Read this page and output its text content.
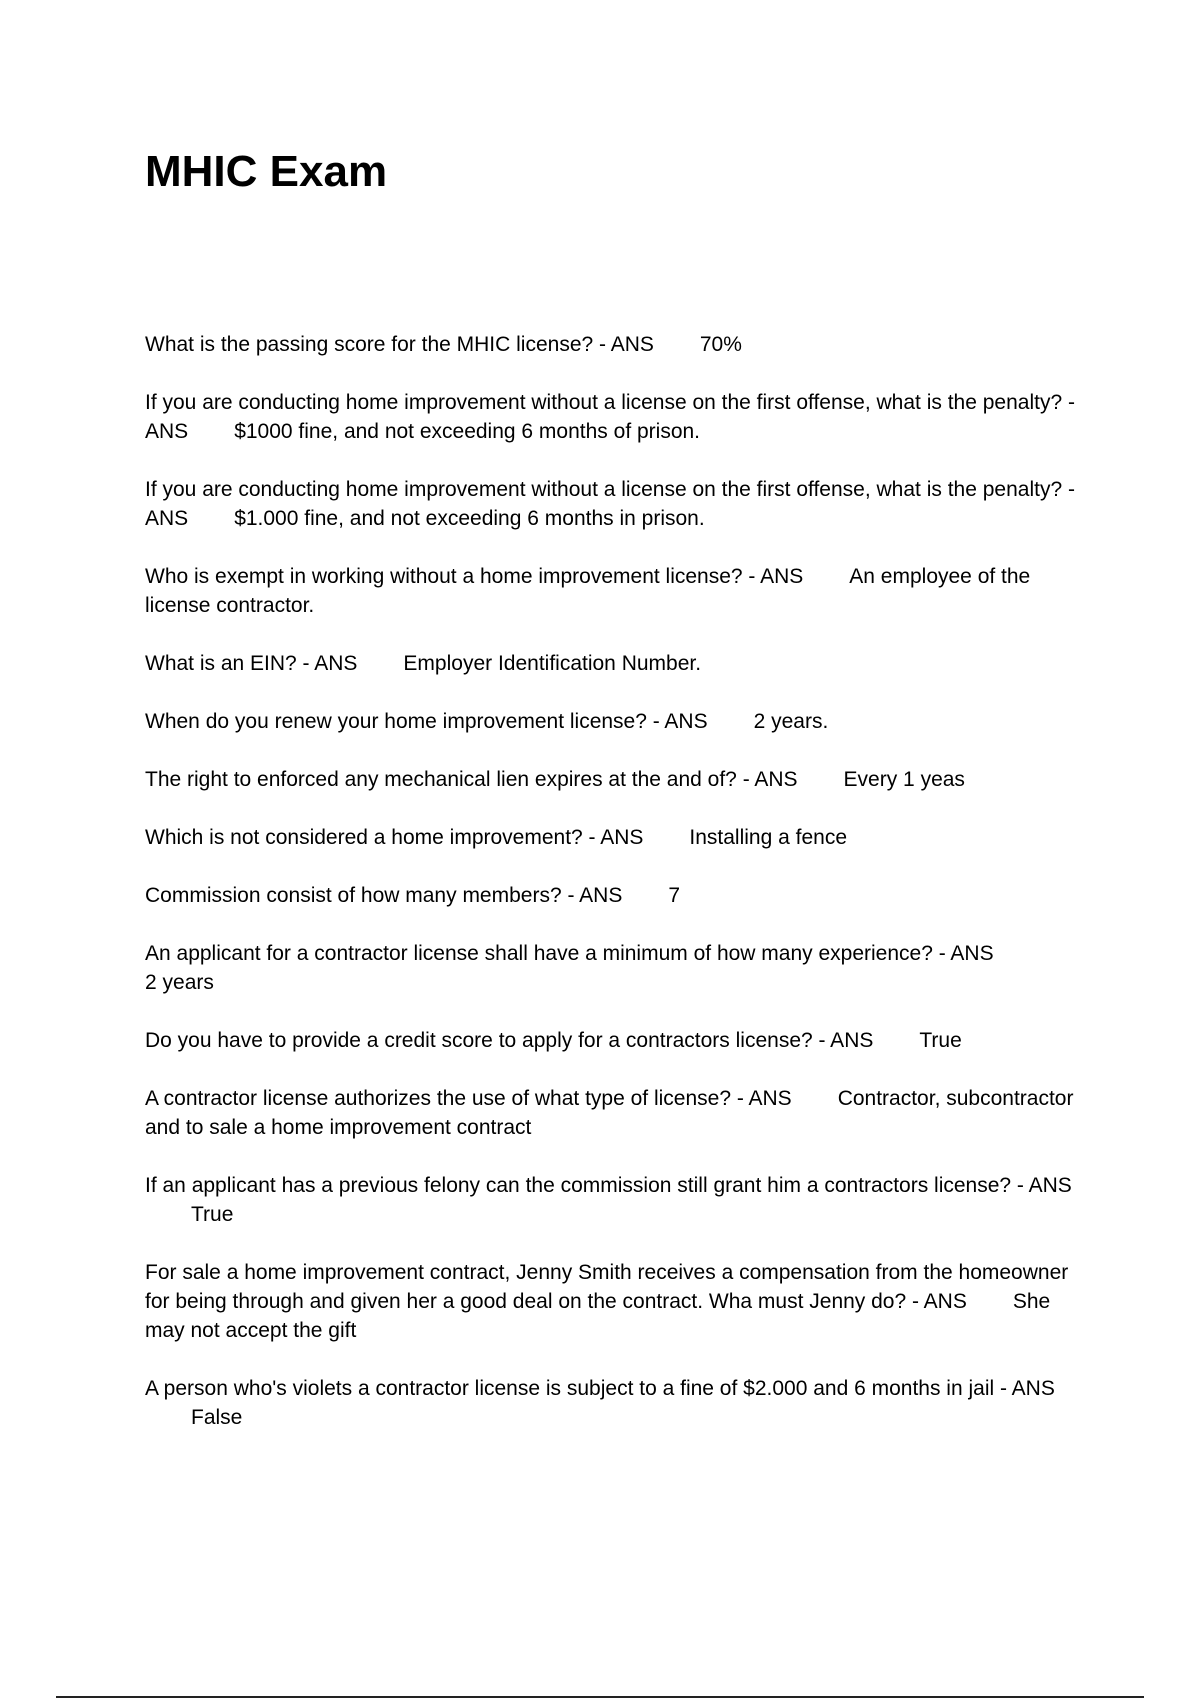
MHIC Exam
What is the passing score for the MHIC license? - ANS 70%
If you are conducting home improvement without a license on the first offense, what is the penalty? - ANS $1000 fine, and not exceeding 6 months of prison.
If you are conducting home improvement without a license on the first offense, what is the penalty? - ANS $1.000 fine, and not exceeding 6 months in prison.
Who is exempt in working without a home improvement license? - ANS An employee of the license contractor.
What is an EIN? - ANS Employer Identification Number.
When do you renew your home improvement license? - ANS 2 years.
The right to enforced any mechanical lien expires at the and of? - ANS Every 1 yeas
Which is not considered a home improvement? - ANS Installing a fence
Commission consist of how many members? - ANS 7
An applicant for a contractor license shall have a minimum of how many experience? - ANS
2 years
Do you have to provide a credit score to apply for a contractors license? - ANS True
A contractor license authorizes the use of what type of license? - ANS Contractor, subcontractor and to sale a home improvement contract
If an applicant has a previous felony can the commission still grant him a contractors license? - ANSTrue
For sale a home improvement contract, Jenny Smith receives a compensation from the homeowner for being through and given her a good deal on the contract. Wha must Jenny do? - ANS She may not accept the gift
A person who's violets a contractor license is subject to a fine of $2.000 and 6 months in jail - ANSFalse
